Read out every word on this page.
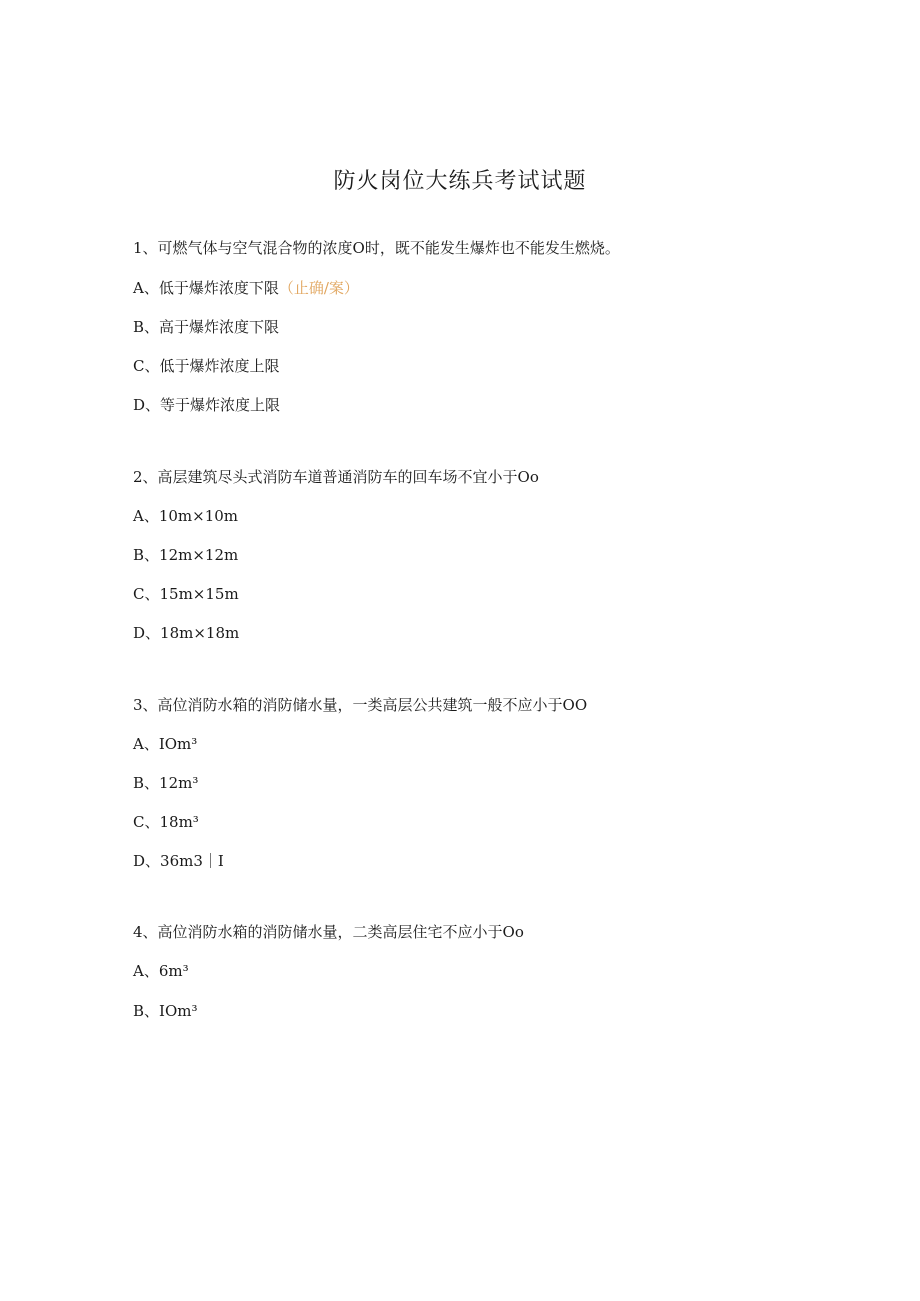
防火岗位大练兵考试试题
1、可燃气体与空气混合物的浓度O时，既不能发生爆炸也不能发生燃烧。
A、低于爆炸浓度下限（止确/案）
B、高于爆炸浓度下限
C、低于爆炸浓度上限
D、等于爆炸浓度上限
2、高层建筑尽头式消防车道普通消防车的回车场不宜小于Oo
A、10m×10m
B、12m×12m
C、15m×15m
D、18m×18m
3、高位消防水箱的消防储水量，一类高层公共建筑一般不应小于OO
A、IOm³
B、12m³
C、18m³
D、36m3｜I
4、高位消防水箱的消防储水量，二类高层住宅不应小于Oo
A、6m³
B、IOm³
